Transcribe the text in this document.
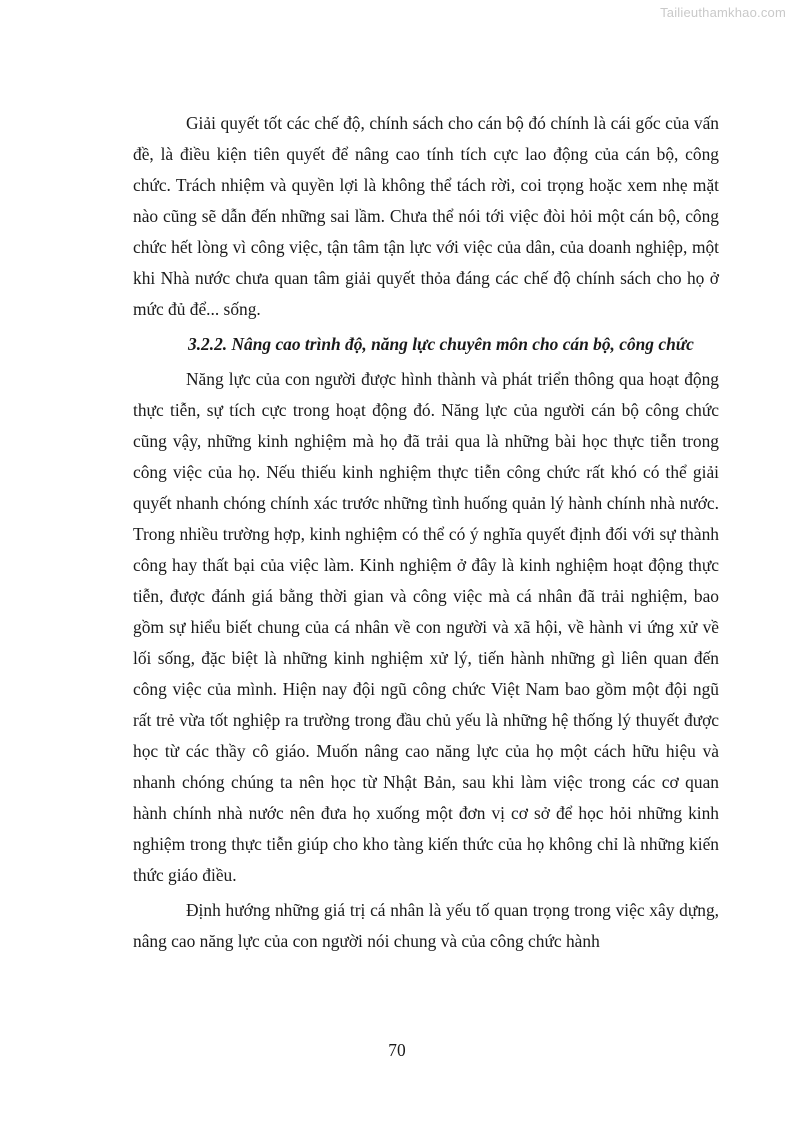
Tailieuthamkhao.com

Giải quyết tốt các chế độ, chính sách cho cán bộ đó chính là cái gốc của vấn đề, là điều kiện tiên quyết để nâng cao tính tích cực lao động của cán bộ, công chức. Trách nhiệm và quyền lợi là không thể tách rời, coi trọng hoặc xem nhẹ mặt nào cũng sẽ dẫn đến những sai lầm. Chưa thể nói tới việc đòi hỏi một cán bộ, công chức hết lòng vì công việc, tận tâm tận lực với việc của dân, của doanh nghiệp, một khi Nhà nước chưa quan tâm giải quyết thỏa đáng các chế độ chính sách cho họ ở mức đủ để... sống.

3.2.2. Nâng cao trình độ, năng lực chuyên môn cho cán bộ, công chức

Năng lực của con người được hình thành và phát triển thông qua hoạt động thực tiễn, sự tích cực trong hoạt động đó. Năng lực của người cán bộ công chức cũng vậy, những kinh nghiệm mà họ đã trải qua là những bài học thực tiễn trong công việc của họ. Nếu thiếu kinh nghiệm thực tiễn công chức rất khó có thể giải quyết nhanh chóng chính xác trước những tình huống quản lý hành chính nhà nước. Trong nhiều trường hợp, kinh nghiệm có thể có ý nghĩa quyết định đối với sự thành công hay thất bại của việc làm. Kinh nghiệm ở đây là kinh nghiệm hoạt động thực tiễn, được đánh giá bằng thời gian và công việc mà cá nhân đã trải nghiệm, bao gồm sự hiểu biết chung của cá nhân về con người và xã hội, về hành vi ứng xử về lối sống, đặc biệt là những kinh nghiệm xử lý, tiến hành những gì liên quan đến công việc của mình. Hiện nay đội ngũ công chức Việt Nam bao gồm một đội ngũ rất trẻ vừa tốt nghiệp ra trường trong đầu chủ yếu là những hệ thống lý thuyết được học từ các thầy cô giáo. Muốn nâng cao năng lực của họ một cách hữu hiệu và nhanh chóng chúng ta nên học từ Nhật Bản, sau khi làm việc trong các cơ quan hành chính nhà nước nên đưa họ xuống một đơn vị cơ sở để học hỏi những kinh nghiệm trong thực tiễn giúp cho kho tàng kiến thức của họ không chỉ là những kiến thức giáo điều.

Định hướng những giá trị cá nhân là yếu tố quan trọng trong việc xây dựng, nâng cao năng lực của con người nói chung và của công chức hành

70
